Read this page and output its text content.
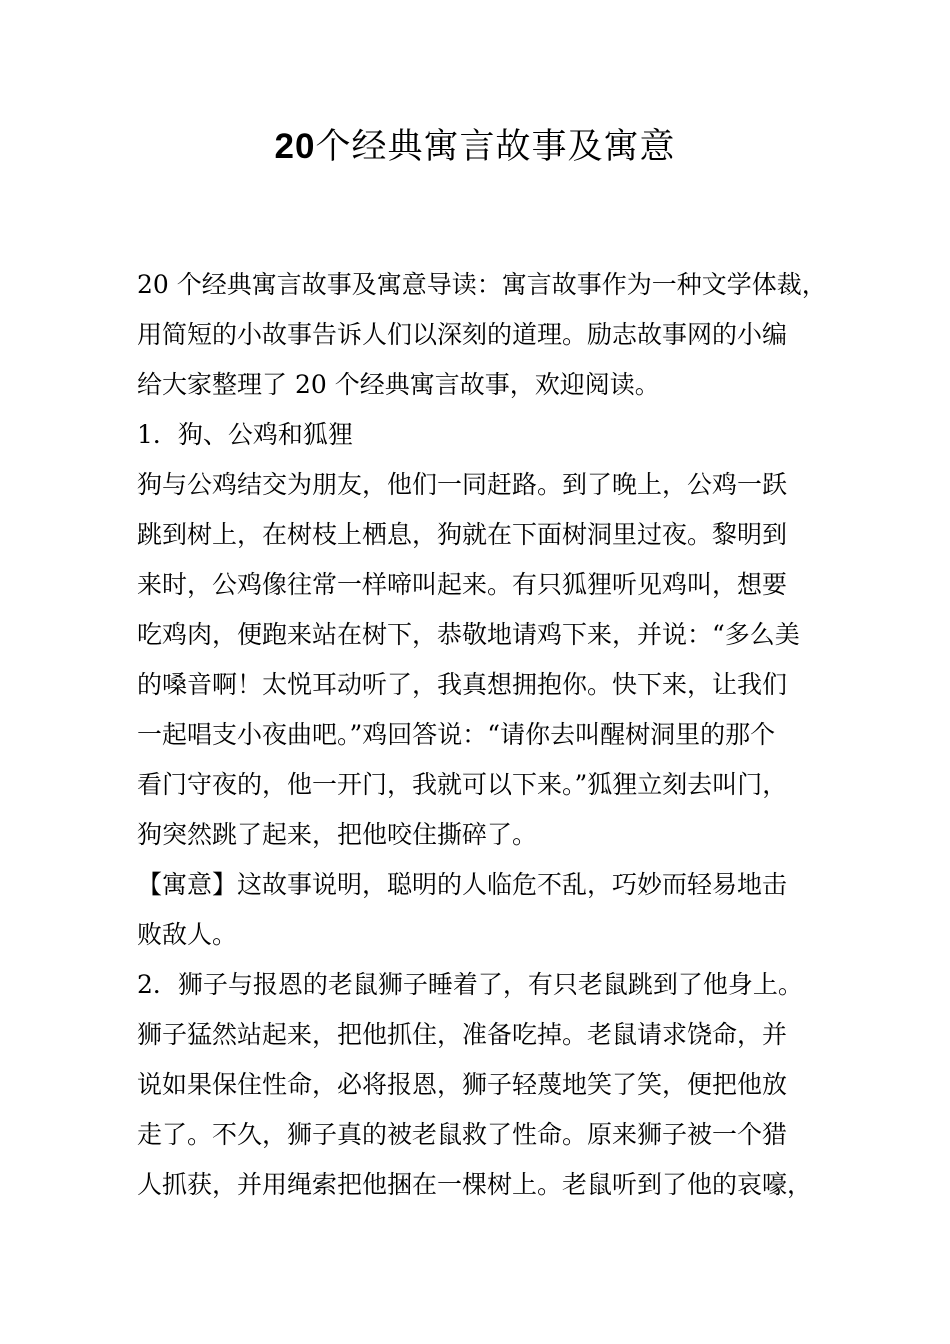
20个经典寓言故事及寓意
20 个经典寓言故事及寓意导读：寓言故事作为一种文学体裁，
用简短的小故事告诉人们以深刻的道理。励志故事网的小编
给大家整理了 20 个经典寓言故事，欢迎阅读。
1．狗、公鸡和狐狸
狗与公鸡结交为朋友，他们一同赶路。到了晚上，公鸡一跃
跳到树上，在树枝上栖息，狗就在下面树洞里过夜。黎明到
来时，公鸡像往常一样啼叫起来。有只狐狸听见鸡叫，想要
吃鸡肉，便跑来站在树下，恭敬地请鸡下来，并说：“多么美
的嗓音啊！太悦耳动听了，我真想拥抱你。快下来，让我们
一起唱支小夜曲吧。”鸡回答说：“请你去叫醒树洞里的那个
看门守夜的，他一开门，我就可以下来。”狐狸立刻去叫门，
狗突然跳了起来，把他咬住撕碎了。
【寓意】这故事说明，聪明的人临危不乱，巧妙而轻易地击
败敌人。
2．狮子与报恩的老鼠狮子睡着了，有只老鼠跳到了他身上。
狮子猛然站起来，把他抓住，准备吃掉。老鼠请求饶命，并
说如果保住性命，必将报恩，狮子轻蔑地笑了笑，便把他放
走了。不久，狮子真的被老鼠救了性命。原来狮子被一个猎
人抓获，并用绳索把他捆在一棵树上。老鼠听到了他的哀嚎，
